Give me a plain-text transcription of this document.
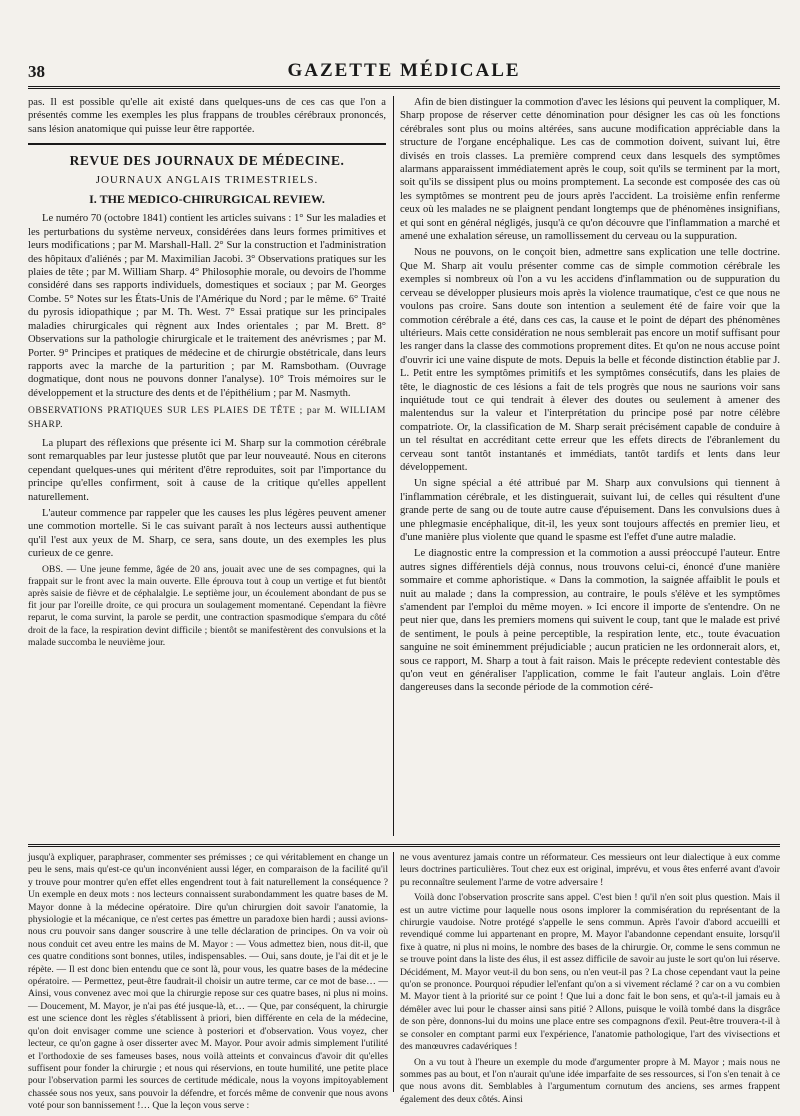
38	GAZETTE MÉDICALE

pas. Il est possible qu'elle ait existé dans quelques-uns de ces cas que l'on a présentés comme les exemples les plus frappans de troubles cérébraux prononcés, sans lésion anatomique qui puisse leur être rapportée.

REVUE DES JOURNAUX DE MÉDECINE.
JOURNAUX ANGLAIS TRIMESTRIELS.
I. THE MEDICO-CHIRURGICAL REVIEW.

Le numéro 70 (octobre 1841) contient les articles suivans : 1° Sur les maladies et les perturbations du système nerveux, considérées dans leurs formes primitives et leurs modifications ; par M. Marshall-Hall. 2° Sur la construction et l'administration des hôpitaux d'aliénés ; par M. Maximilian Jacobi. 3° Observations pratiques sur les plaies de tête ; par M. William Sharp. 4° Philosophie morale, ou devoirs de l'homme considéré dans ses rapports individuels, domestiques et sociaux ; par M. Georges Combe. 5° Notes sur les États-Unis de l'Amérique du Nord ; par le même. 6° Traité du pyrosis idiopathique ; par M. Th. West. 7° Essai pratique sur les principales maladies chirurgicales qui règnent aux Indes orientales ; par M. Brett. 8° Observations sur la pathologie chirurgicale et le traitement des anévrismes ; par M. Porter. 9° Principes et pratiques de médecine et de chirurgie obstétricale, dans leurs rapports avec la marche de la parturition ; par M. Ramsbotham. (Ouvrage dogmatique, dont nous ne pouvons donner l'analyse). 10° Trois mémoires sur le développement et la structure des dents et de l'épithélium ; par M. Nasmyth.

OBSERVATIONS PRATIQUES SUR LES PLAIES DE TÊTE ; par M. WILLIAM SHARP.

La plupart des réflexions que présente ici M. Sharp sur la commotion cérébrale sont remarquables par leur justesse plutôt que par leur nouveauté. Nous en citerons cependant quelques-unes qui méritent d'être reproduites, soit par l'importance du principe qu'elles confirment, soit à cause de la critique qu'elles appellent naturellement.

L'auteur commence par rappeler que les causes les plus légères peuvent amener une commotion mortelle. Si le cas suivant paraît à nos lecteurs aussi authentique qu'il l'est aux yeux de M. Sharp, ce sera, sans doute, un des exemples les plus curieux de ce genre.

OBS. — Une jeune femme, âgée de 20 ans, jouait avec une de ses compagnes, qui la frappait sur le front avec la main ouverte. Elle éprouva tout à coup un vertige et fut bientôt après saisie de fièvre et de céphalalgie. Le septième jour, un écoulement abondant de pus se fit jour par l'oreille droite, ce qui procura un soulagement momentané. Cependant la fièvre reparut, le coma survint, la parole se perdit, une contraction spasmodique s'empara du côté droit de la face, la respiration devint difficile ; bientôt se manifestèrent des convulsions et la malade succomba le neuvième jour.

Afin de bien distinguer la commotion d'avec les lésions qui peuvent la compliquer, M. Sharp propose de réserver cette dénomination pour désigner les cas où les fonctions cérébrales sont plus ou moins altérées, sans aucune modification appréciable dans la structure de l'organe encéphalique. Les cas de commotion doivent, suivant lui, être divisés en trois classes. La première comprend ceux dans lesquels des symptômes alarmans apparaissent immédiatement après le coup, soit qu'ils se terminent par la mort, soit qu'ils se dissipent plus ou moins promptement. La seconde est composée des cas où les symptômes se montrent peu de jours après l'accident. La troisième enfin renferme ceux où les malades ne se plaignent pendant longtemps que de phénomènes insignifians, et qui sont en général négligés, jusqu'à ce qu'on découvre que l'inflammation a marché et amené une exhalation séreuse, un ramollissement du cerveau ou la suppuration.

Nous ne pouvons, on le conçoit bien, admettre sans explication une telle doctrine. Que M. Sharp ait voulu présenter comme cas de simple commotion cérébrale les exemples si nombreux où l'on a vu les accidens d'inflammation ou de suppuration du cerveau se développer plusieurs mois après la violence traumatique, c'est ce que nous ne voulons pas croire. Sans doute son intention a seulement été de faire voir que la commotion cérébrale a été, dans ces cas, la cause et le point de départ des phénomènes ultérieurs. Mais cette considération ne nous semblerait pas encore un motif suffisant pour les ranger dans la classe des commotions proprement dites. Et qu'on ne nous accuse point d'ouvrir ici une vaine dispute de mots. Depuis la belle et féconde distinction établie par J. L. Petit entre les symptômes primitifs et les symptômes consécutifs, dans les plaies de tête, le diagnostic de ces lésions a fait de tels progrès que nous ne saurions voir sans inquiétude tout ce qui tendrait à élever des doutes ou seulement à amener des malentendus sur la valeur et l'interprétation du principe posé par notre célèbre compatriote. Or, la classification de M. Sharp serait précisément capable de conduire à un tel résultat en accréditant cette erreur que les effets directs de l'ébranlement du cerveau sont tantôt instantanés et immédiats, tantôt tardifs et lents dans leur développement.

Un signe spécial a été attribué par M. Sharp aux convulsions qui tiennent à l'inflammation cérébrale, et les distinguerait, suivant lui, de celles qui résultent d'une grande perte de sang ou de toute autre cause d'épuisement. Dans les convulsions dues à une phlegmasie encéphalique, dit-il, les yeux sont toujours affectés en premier lieu, et d'une manière plus violente que quand le spasme est l'effet d'une autre maladie.

Le diagnostic entre la compression et la commotion a aussi préoccupé l'auteur. Entre autres signes différentiels déjà connus, nous trouvons celui-ci, énoncé d'une manière sommaire et comme aphoristique. « Dans la commotion, la saignée affaiblit le pouls et nuit au malade ; dans la compression, au contraire, le pouls s'élève et les symptômes s'amendent par l'emploi du même moyen. » Ici encore il importe de s'entendre. On ne peut nier que, dans les premiers momens qui suivent le coup, tant que le malade est privé de sentiment, le pouls à peine perceptible, la respiration lente, etc., toute évacuation sanguine ne soit éminemment préjudiciable ; aucun praticien ne les ordonnerait alors, et, sous ce rapport, M. Sharp a tout à fait raison. Mais le précepte redevient contestable dès qu'on veut en généraliser l'application, comme le fait l'auteur anglais. Loin d'être dangereuses dans la seconde période de la commotion céré-

jusqu'à expliquer, paraphraser, commenter ses prémisses ; ce qui véritablement en change un peu le sens, mais qu'est-ce qu'un inconvénient aussi léger, en comparaison de la facilité qu'il y trouve pour montrer qu'en effet elles engendrent tout à fait naturellement la conséquence ? Un exemple en deux mots : nos lecteurs connaissent surabondamment les quatre bases de M. Mayor donne à la médecine opératoire. Dire qu'un chirurgien doit savoir l'anatomie, la physiologie et la mécanique, ce n'est certes pas émettre un paradoxe bien hardi ; aussi avions-nous cru pouvoir sans danger souscrire à une telle déclaration de principes. On va voir où nous conduit cet aveu entre les mains de M. Mayor : — Vous admettez bien, nous dit-il, que ces quatre conditions sont bonnes, utiles, indispensables. — Oui, sans doute, je l'ai dit et je le répète. — Il est donc bien entendu que ce sont là, pour vous, les quatre bases de la médecine opératoire. — Permettez, peut-être faudrait-il choisir un autre terme, car ce mot de base… — Ainsi, vous convenez avec moi que la chirurgie repose sur ces quatre bases, ni plus ni moins. — Doucement, M. Mayor, je n'ai pas été jusque-là, et… — Que, par conséquent, la chirurgie est une science dont les règles s'établissent à priori, bien différente en cela de la médecine, qu'on doit envisager comme une science à posteriori et d'observation. Vous voyez, cher lecteur, ce qu'on gagne à oser disserter avec M. Mayor. Pour avoir admis simplement l'utilité et l'orthodoxie de ses fameuses bases, nous voilà atteints et convaincus d'avoir dit qu'elles suffisent pour fonder la chirurgie ; et nous qui réservions, en toute humilité, une petite place pour l'observation parmi les sources de certitude médicale, nous la voyons impitoyablement chassée sous nos yeux, sans pouvoir la défendre, et forcés même de convenir que nous avons voté pour son bannissement !… Que la leçon vous serve :

ne vous aventurez jamais contre un réformateur. Ces messieurs ont leur dialectique à eux comme leurs doctrines particulières. Tout chez eux est original, imprévu, et vous êtes enferré avant d'avoir pu reconnaître seulement l'arme de votre adversaire !

Voilà donc l'observation proscrite sans appel. C'est bien ! qu'il n'en soit plus question. Mais il est un autre victime pour laquelle nous osons implorer la commisération du représentant de la chirurgie vaudoise. Notre protégé s'appelle le sens commun. Après l'avoir d'abord accueilli et revendiqué comme lui appartenant en propre, M. Mayor l'abandonne cependant ensuite, lorsqu'il fixe à quatre, ni plus ni moins, le nombre des bases de la chirurgie. Or, comme le sens commun ne se trouve point dans la liste des élus, il est assez difficile de savoir au juste le sort qu'on lui réserve. Décidément, M. Mayor veut-il du bon sens, ou n'en veut-il pas ? La chose cependant vaut la peine qu'on se prononce. Pourquoi répudier lel'enfant qu'on a si vivement réclamé ? car on a vu combien M. Mayor tient à la priorité sur ce point ! Que lui a donc fait le bon sens, et qu'a-t-il jamais eu à démêler avec lui pour le chasser ainsi sans pitié ? Allons, puisque le voilà tombé dans la disgrâce de son père, donnons-lui du moins une place entre ses compagnons d'exil. Peut-être trouvera-t-il à se consoler en comptant parmi eux l'expérience, l'anatomie pathologique, l'art des vivisections et des manœuvres cadavériques !

On a vu tout à l'heure un exemple du mode d'argumenter propre à M. Mayor ; mais nous ne sommes pas au bout, et l'on n'aurait qu'une idée imparfaite de ses ressources, si l'on s'en tenait à ce que nous avons dit. Semblables à l'argumentum cornutum des anciens, ses armes frappent également des deux côtés. Ainsi
